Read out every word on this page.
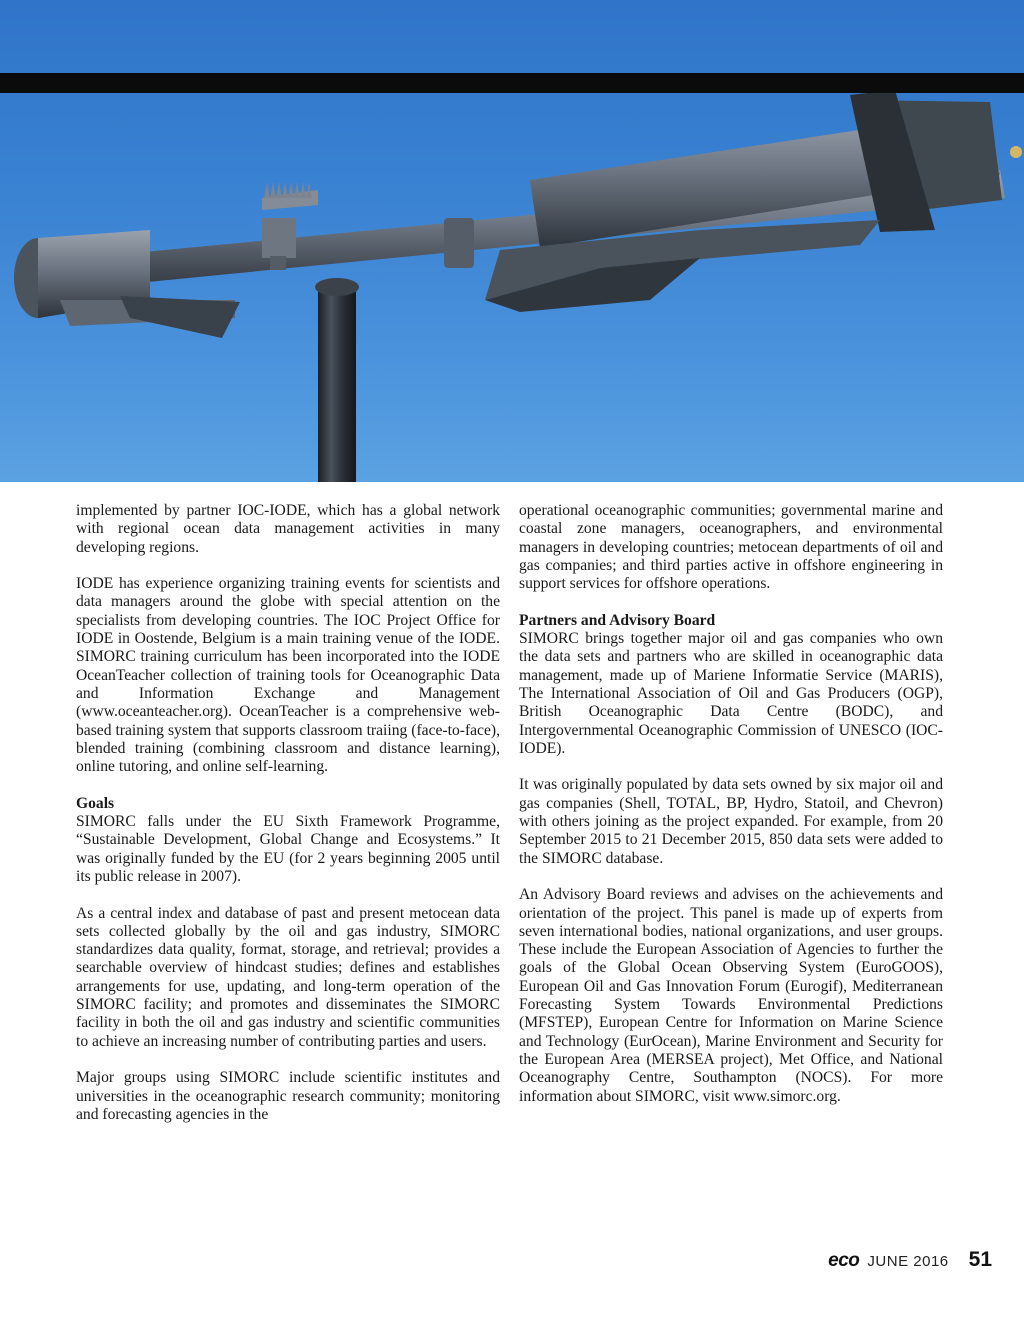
implemented by partner IOC-IODE, which has a global network with regional ocean data management activities in many developing regions.

IODE has experience organizing training events for scientists and data managers around the globe with special attention on the specialists from developing countries. The IOC Project Office for IODE in Oostende, Belgium is a main training venue of the IODE. SIMORC training curriculum has been incorporated into the IODE OceanTeacher collection of training tools for Oceanographic Data and Information Exchange and Management (www.oceanteacher.org). OceanTeacher is a comprehensive web-based training system that supports classroom traiing (face-to-face), blended training (combining classroom and distance learning), online tutoring, and online self-learning.

Goals

SIMORC falls under the EU Sixth Framework Programme, “Sustainable Development, Global Change and Ecosystems.” It was originally funded by the EU (for 2 years beginning 2005 until its public release in 2007).

As a central index and database of past and present metocean data sets collected globally by the oil and gas industry, SIMORC standardizes data quality, format, storage, and retrieval; provides a searchable overview of hindcast studies; defines and establishes arrangements for use, updating, and long-term operation of the SIMORC facility; and promotes and disseminates the SIMORC facility in both the oil and gas industry and scientific communities to achieve an increasing number of contributing parties and users.

Major groups using SIMORC include scientific institutes and universities in the oceanographic research community; monitoring and forecasting agencies in the

operational oceanographic communities; governmental marine and coastal zone managers, oceanographers, and environmental managers in developing countries; metocean departments of oil and gas companies; and third parties active in offshore engineering in support services for offshore operations.

Partners and Advisory Board

SIMORC brings together major oil and gas companies who own the data sets and partners who are skilled in oceanographic data management, made up of Mariene Informatie Service (MARIS), The International Association of Oil and Gas Producers (OGP), British Oceanographic Data Centre (BODC), and Intergovernmental Oceanographic Commission of UNESCO (IOC-IODE).

It was originally populated by data sets owned by six major oil and gas companies (Shell, TOTAL, BP, Hydro, Statoil, and Chevron) with others joining as the project expanded. For example, from 20 September 2015 to 21 December 2015, 850 data sets were added to the SIMORC database.

An Advisory Board reviews and advises on the achievements and orientation of the project. This panel is made up of experts from seven international bodies, national organizations, and user groups. These include the European Association of Agencies to further the goals of the Global Ocean Observing System (EuroGOOS), European Oil and Gas Innovation Forum (Eurogif), Mediterranean Forecasting System Towards Environmental Predictions (MFSTEP), European Centre for Information on Marine Science and Technology (EurOcean), Marine Environment and Security for the European Area (MERSEA project), Met Office, and National Oceanography Centre, Southampton (NOCS). For more information about SIMORC, visit www.simorc.org.

eco JUNE 2016 51
